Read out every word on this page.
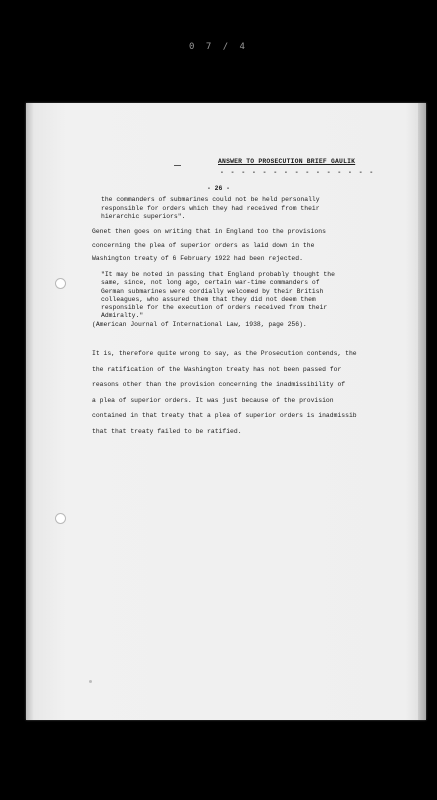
0 7 / 4
ANSWER TO PROSECUTION BRIEF GAULIK
- - - - - - - - - - - - - - -
- 26 -
the commanders of submarines could not be held personally
responsible for orders which they had received from their
hierarchic superiors".
Genet then goes on writing that in England too the provisions
concerning the plea of superior orders as laid down in the
Washington treaty of 6 February 1922 had been rejected.
"It may be noted in passing that England probably thought the
same, since, not long ago, certain war-time commanders of
German submarines were cordially welcomed by their British
colleagues, who assured them that they did not deem them
responsible for the execution of orders received from their
Admiralty."
(American Journal of International Law, 1938, page 256).
It is, therefore quite wrong to say, as the Prosecution contends, the
the ratification of the Washington treaty has not been passed for
reasons other than the provision concerning the inadmissibility of
a plea of superior orders. It was just because of the provision
contained in that treaty that a plea of superior orders is inadmissib
that that treaty failed to be ratified.
